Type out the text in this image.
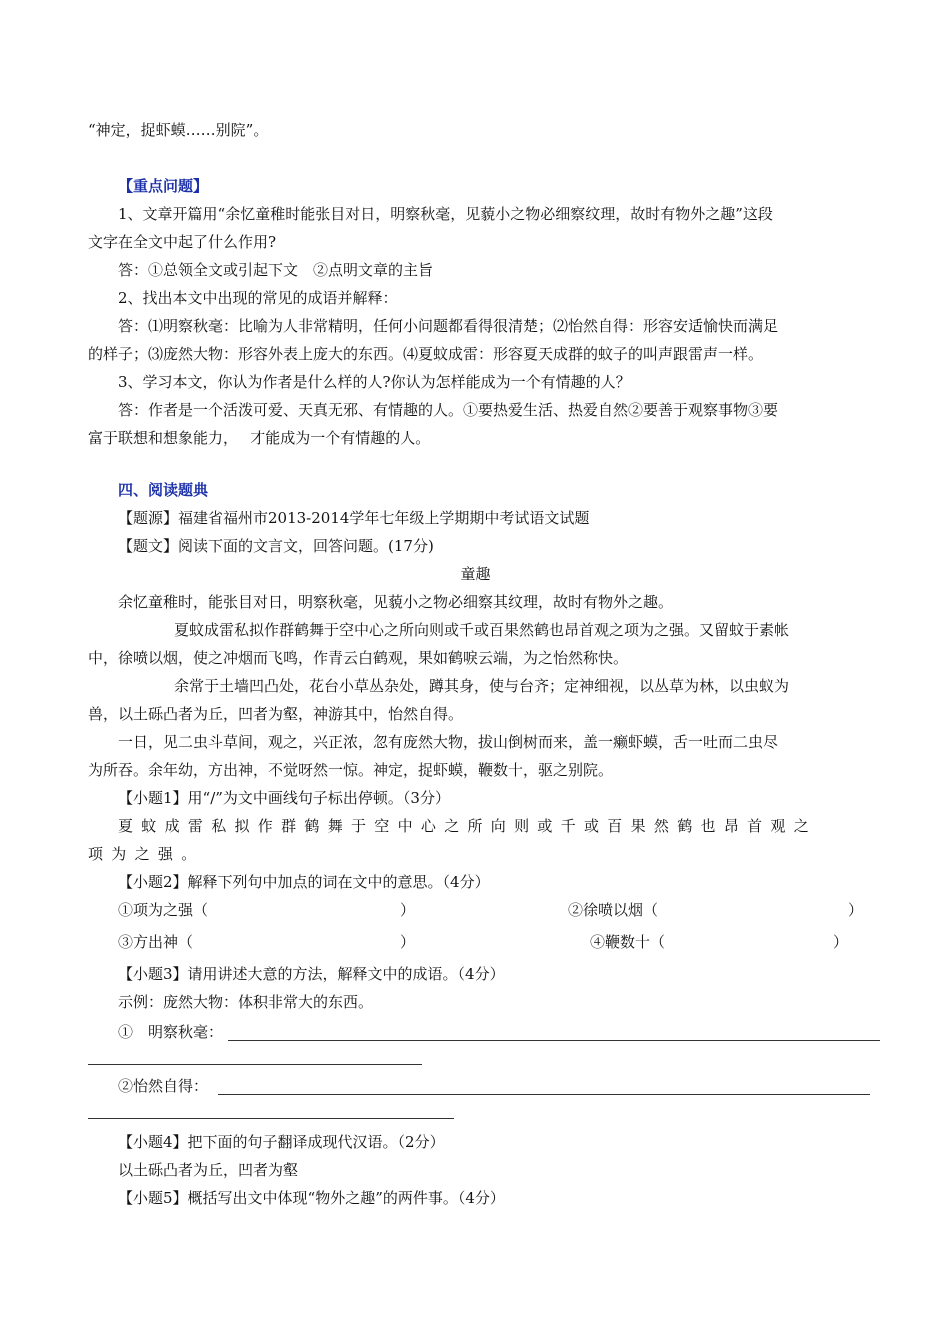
“神定，捉虾蟆……别院”。
【重点问题】
1、文章开篇用“余忆童稚时能张目对日，明察秋毫，见藐小之物必细察纹理，故时有物外之趣”这段
文字在全文中起了什么作用?
答：①总领全文或引起下文　②点明文章的主旨
2、找出本文中出现的常见的成语并解释：
答：⑴明察秋毫：比喻为人非常精明，任何小问题都看得很清楚；⑵怡然自得：形容安适愉快而满足
的样子；⑶庞然大物：形容外表上庞大的东西。⑷夏蚊成雷：形容夏天成群的蚊子的叫声跟雷声一样。
3、学习本文，你认为作者是什么样的人?你认为怎样能成为一个有情趣的人？
答：作者是一个活泼可爱、天真无邪、有情趣的人。①要热爱生活、热爱自然②要善于观察事物③要
富于联想和想象能力，　 才能成为一个有情趣的人。
四、阅读题典
【题源】福建省福州市2013-2014学年七年级上学期期中考试语文试题
【题文】阅读下面的文言文，回答问题。(17分)
童趣
余忆童稚时，能张目对日，明察秋毫，见藐小之物必细察其纹理，故时有物外之趣。
夏蚊成雷私拟作群鹤舞于空中心之所向则或千或百果然鹤也昂首观之项为之强。又留蚊于素帐
中，徐喷以烟，使之冲烟而飞鸣，作青云白鹤观，果如鹤唳云端，为之怡然称快。
余常于土墙凹凸处，花台小草丛杂处，蹲其身，使与台齐；定神细视，以丛草为林，以虫蚁为
兽，以土砾凸者为丘，凹者为壑，神游其中，怡然自得。
一日，见二虫斗草间，观之，兴正浓，忽有庞然大物，拔山倒树而来，盖一癞虾蟆，舌一吐而二虫尽
为所吞。余年幼，方出神，不觉呀然一惊。神定，捉虾蟆，鞭数十，驱之别院。
【小题1】用“/”为文中画线句子标出停顿。（3分）
夏蚊成雷私拟作群鹤舞于空中心之所向则或千或百果然鹤也昂首观之
项为之强。
【小题2】解释下列句中加点的词在文中的意思。（4分）
①项为之强（	）	②徐喷以烟（	）
③方出神（	）	④鞭数十（	）
【小题3】请用讲述大意的方法，解释文中的成语。（4分）
示例：庞然大物：体积非常大的东西。
①　明察秋毫：
②怡然自得：
【小题4】把下面的句子翻译成现代汉语。（2分）
以土砾凸者为丘，凹者为壑
【小题5】概括写出文中体现“物外之趣”的两件事。（4分）
